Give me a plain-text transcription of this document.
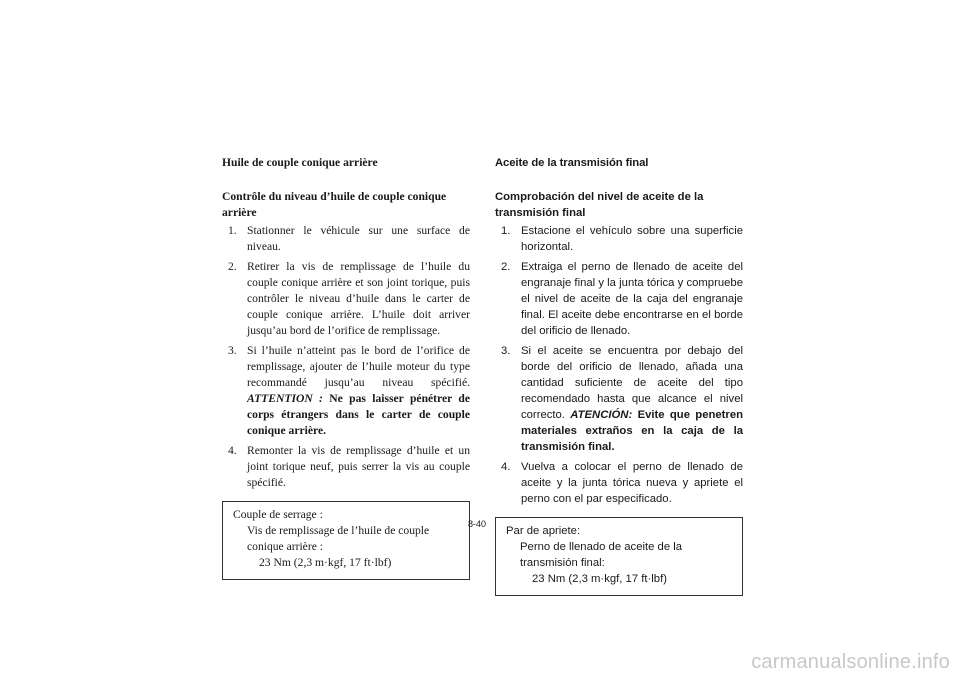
Huile de couple conique arrière
Contrôle du niveau d’huile de couple conique arrière
1. Stationner le véhicule sur une surface de niveau.
2. Retirer la vis de remplissage de l’huile du couple conique arrière et son joint torique, puis contrôler le niveau d’huile dans le carter de couple conique arrière. L’huile doit arriver jusqu’au bord de l’orifice de remplissage.
3. Si l’huile n’atteint pas le bord de l’orifice de remplissage, ajouter de l’huile moteur du type recommandé jusqu’au niveau spécifié. ATTENTION : Ne pas laisser pénétrer de corps étrangers dans le carter de couple conique arrière.
4. Remonter la vis de remplissage d’huile et un joint torique neuf, puis serrer la vis au couple spécifié.
Couple de serrage :
Vis de remplissage de l’huile de couple conique arrière :
23 Nm (2,3 m·kgf, 17 ft·lbf)
Aceite de la transmisión final
Comprobación del nivel de aceite de la transmisión final
1. Estacione el vehículo sobre una superficie horizontal.
2. Extraiga el perno de llenado de aceite del engranaje final y la junta tórica y compruebe el nivel de aceite de la caja del engranaje final. El aceite debe encontrarse en el borde del orificio de llenado.
3. Si el aceite se encuentra por debajo del borde del orificio de llenado, añada una cantidad suficiente de aceite del tipo recomendado hasta que alcance el nivel correcto. ATENCIÓN: Evite que penetren materiales extraños en la caja de la transmisión final.
4. Vuelva a colocar el perno de llenado de aceite y la junta tórica nueva y apriete el perno con el par especificado.
Par de apriete:
Perno de llenado de aceite de la transmisión final:
23 Nm (2,3 m·kgf, 17 ft·lbf)
8-40
carmanualsonline.info
